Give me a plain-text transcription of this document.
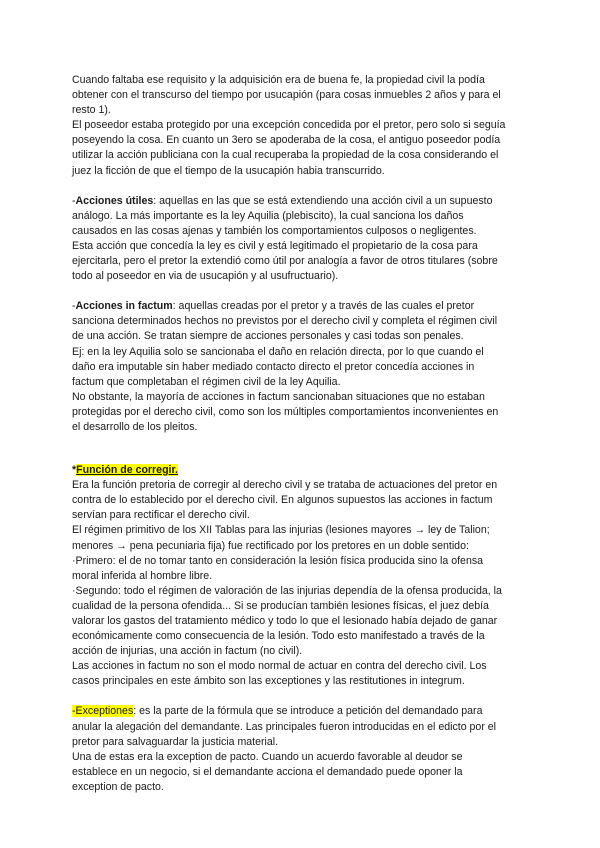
Cuando faltaba ese requisito y la adquisición era de buena fe, la propiedad civil la podía
obtener con el transcurso del tiempo por usucapión (para cosas inmuebles 2 años y para el
resto 1).
El poseedor estaba protegido por una excepción concedida por el pretor, pero solo si seguía
poseyendo la cosa. En cuanto un 3ero se apoderaba de la cosa, el antiguo poseedor podía
utilizar la acción publiciana con la cual recuperaba la propiedad de la cosa considerando el
juez la ficción de que el tiempo de la usucapión habia transcurrido.
-Acciones útiles: aquellas en las que se está extendiendo una acción civil a un supuesto
análogo. La más importante es la ley Aquilia (plebiscito), la cual sanciona los daños
causados en las cosas ajenas y también los comportamientos culposos o negligentes.
Esta acción que concedía la ley es civil y está legitimado el propietario de la cosa para
ejercitarla, pero el pretor la extendió como útil por analogía a favor de otros titulares (sobre
todo al poseedor en via de usucapión y al usufructuario).
-Acciones in factum: aquellas creadas por el pretor y a través de las cuales el pretor
sanciona determinados hechos no previstos por el derecho civil y completa el régimen civil
de una acción. Se tratan siempre de acciones personales y casi todas son penales.
Ej: en la ley Aquilia solo se sancionaba el daño en relación directa, por lo que cuando el
daño era imputable sin haber mediado contacto directo el pretor concedía acciones in
factum que completaban el régimen civil de la ley Aquilia.
No obstante, la mayoría de acciones in factum sancionaban situaciones que no estaban
protegidas por el derecho civil, como son los múltiples comportamientos inconvenientes en
el desarrollo de los pleitos.
*Función de corregir.
Era la función pretoria de corregir al derecho civil y se trataba de actuaciones del pretor en
contra de lo establecido por el derecho civil. En algunos supuestos las acciones in factum
servían para rectificar el derecho civil.
El régimen primitivo de los XII Tablas para las injurias (lesiones mayores → ley de Talion;
menores → pena pecuniaria fija) fue rectificado por los pretores en un doble sentido:
·Primero: el de no tomar tanto en consideración la lesión física producida sino la ofensa
moral inferida al hombre libre.
·Segundo: todo el régimen de valoración de las injurias dependía de la ofensa producida, la
cualidad de la persona ofendida... Si se producían también lesiones físicas, el juez debía
valorar los gastos del tratamiento médico y todo lo que el lesionado había dejado de ganar
económicamente como consecuencia de la lesión. Todo esto manifestado a través de la
acción de injurias, una acción in factum (no civil).
Las acciones in factum no son el modo normal de actuar en contra del derecho civil. Los
casos principales en este ámbito son las exceptiones y las restitutiones in integrum.
-Exceptiones: es la parte de la fórmula que se introduce a petición del demandado para
anular la alegación del demandante. Las principales fueron introducidas en el edicto por el
pretor para salvaguardar la justicia material.
Una de estas era la exception de pacto. Cuando un acuerdo favorable al deudor se
establece en un negocio, si el demandante acciona el demandado puede oponer la
exception de pacto.
